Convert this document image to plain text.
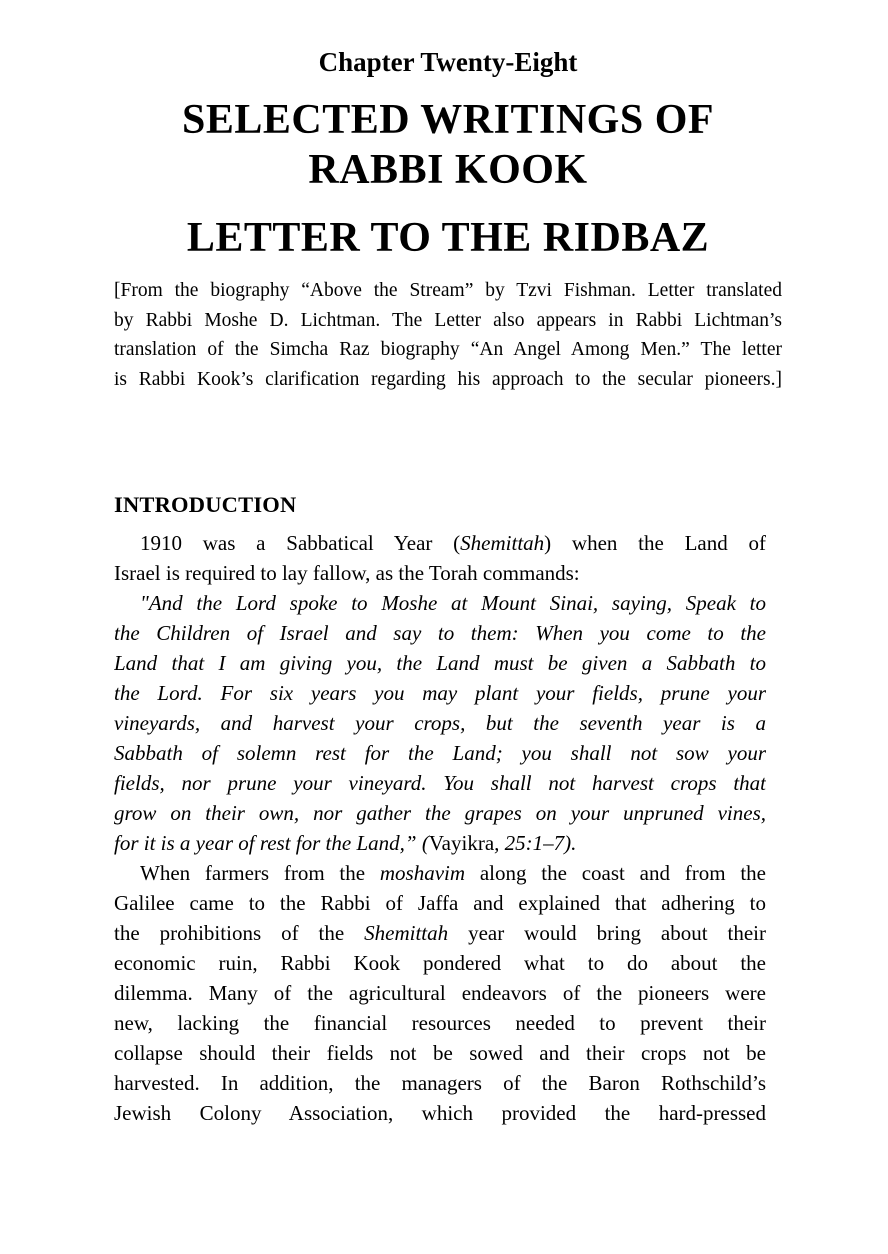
Chapter Twenty-Eight
SELECTED WRITINGS OF
RABBI KOOK
LETTER TO THE RIDBAZ
[From the biography “Above the Stream” by Tzvi Fishman. Letter translated
by Rabbi Moshe D. Lichtman. The Letter also appears in Rabbi Lichtman’s
translation of the Simcha Raz biography “An Angel Among Men.” The letter
is Rabbi Kook’s clarification regarding his approach to the secular pioneers.]
INTRODUCTION
1910 was a Sabbatical Year (Shemittah) when the Land of
Israel is required to lay fallow, as the Torah commands:
"And the Lord spoke to Moshe at Mount Sinai, saying, Speak to
the Children of Israel and say to them: When you come to the
Land that I am giving you, the Land must be given a Sabbath to
the Lord. For six years you may plant your fields, prune your
vineyards, and harvest your crops, but the seventh year is a
Sabbath of solemn rest for the Land; you shall not sow your
fields, nor prune your vineyard. You shall not harvest crops that
grow on their own, nor gather the grapes on your unpruned vines,
for it is a year of rest for the Land,” (Vayikra, 25:1–7).
When farmers from the moshavim along the coast and from the
Galilee came to the Rabbi of Jaffa and explained that adhering to
the prohibitions of the Shemittah year would bring about their
economic ruin, Rabbi Kook pondered what to do about the
dilemma. Many of the agricultural endeavors of the pioneers were
new, lacking the financial resources needed to prevent their
collapse should their fields not be sowed and their crops not be
harvested. In addition, the managers of the Baron Rothschild’s
Jewish Colony Association, which provided the hard-pressed
